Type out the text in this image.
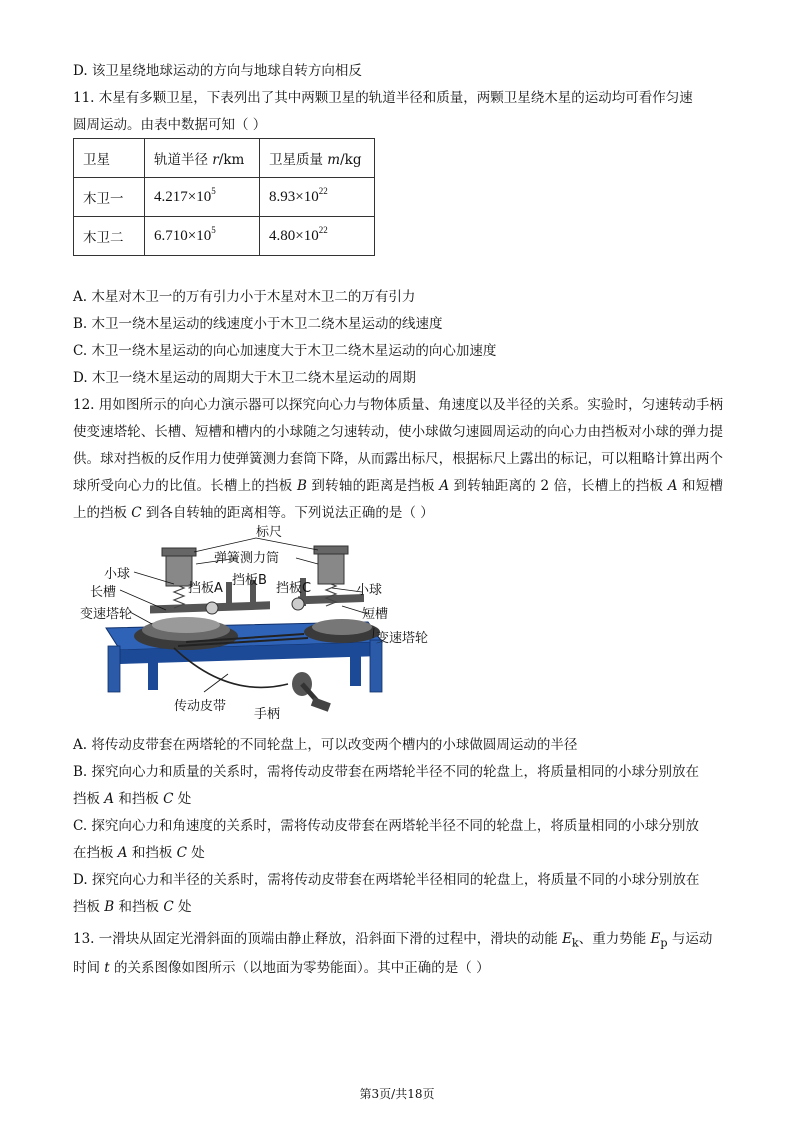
D. 该卫星绕地球运动的方向与地球自转方向相反
11. 木星有多颗卫星，下表列出了其中两颗卫星的轨道半径和质量，两颗卫星绕木星的运动均可看作匀速
圆周运动。由表中数据可知（ ）
卫星	轨道半径 r/km	卫星质量 m/kg
木卫一	$4.217\times 10^5$	$8.93\times 10^{22}$
木卫二	$6.710\times 10^5$	$4.80\times 10^{22}$
A. 木星对木卫一的万有引力小于木星对木卫二的万有引力
B. 木卫一绕木星运动的线速度小于木卫二绕木星运动的线速度
C. 木卫一绕木星运动的向心加速度大于木卫二绕木星运动的向心加速度
D. 木卫一绕木星运动的周期大于木卫二绕木星运动的周期
12. 用如图所示的向心力演示器可以探究向心力与物体质量、角速度以及半径的关系。实验时，匀速转动手柄使变速塔轮、长槽、短槽和槽内的小球随之匀速转动，使小球做匀速圆周运动的向心力由挡板对小球的弹力提供。球对挡板的反作用力使弹簧测力套筒下降，从而露出标尺，根据标尺上露出的标记，可以粗略计算出两个球所受向心力的比值。长槽上的挡板 B 到转轴的距离是挡板 A 到转轴距离的 2 倍，长槽上的挡板 A 和短槽上的挡板 C 到各自转轴的距离相等。下列说法正确的是（ ）
标尺
弹簧测力筒
小球
小球
挡板A
挡板B
挡板C
长槽
短槽
变速塔轮
变速塔轮
传动皮带
手柄
A. 将传动皮带套在两塔轮的不同轮盘上，可以改变两个槽内的小球做圆周运动的半径
B. 探究向心力和质量的关系时，需将传动皮带套在两塔轮半径不同的轮盘上，将质量相同的小球分别放在
挡板 A 和挡板 C 处
C. 探究向心力和角速度的关系时，需将传动皮带套在两塔轮半径不同的轮盘上，将质量相同的小球分别放
在挡板 A 和挡板 C 处
D. 探究向心力和半径的关系时，需将传动皮带套在两塔轮半径相同的轮盘上，将质量不同的小球分别放在
挡板 B 和挡板 C 处
13. 一滑块从固定光滑斜面的顶端由静止释放，沿斜面下滑的过程中，滑块的动能 $E_k$、重力势能 $E_p$ 与运动
时间 t 的关系图像如图所示（以地面为零势能面）。其中正确的是（ ）
第3页/共18页
